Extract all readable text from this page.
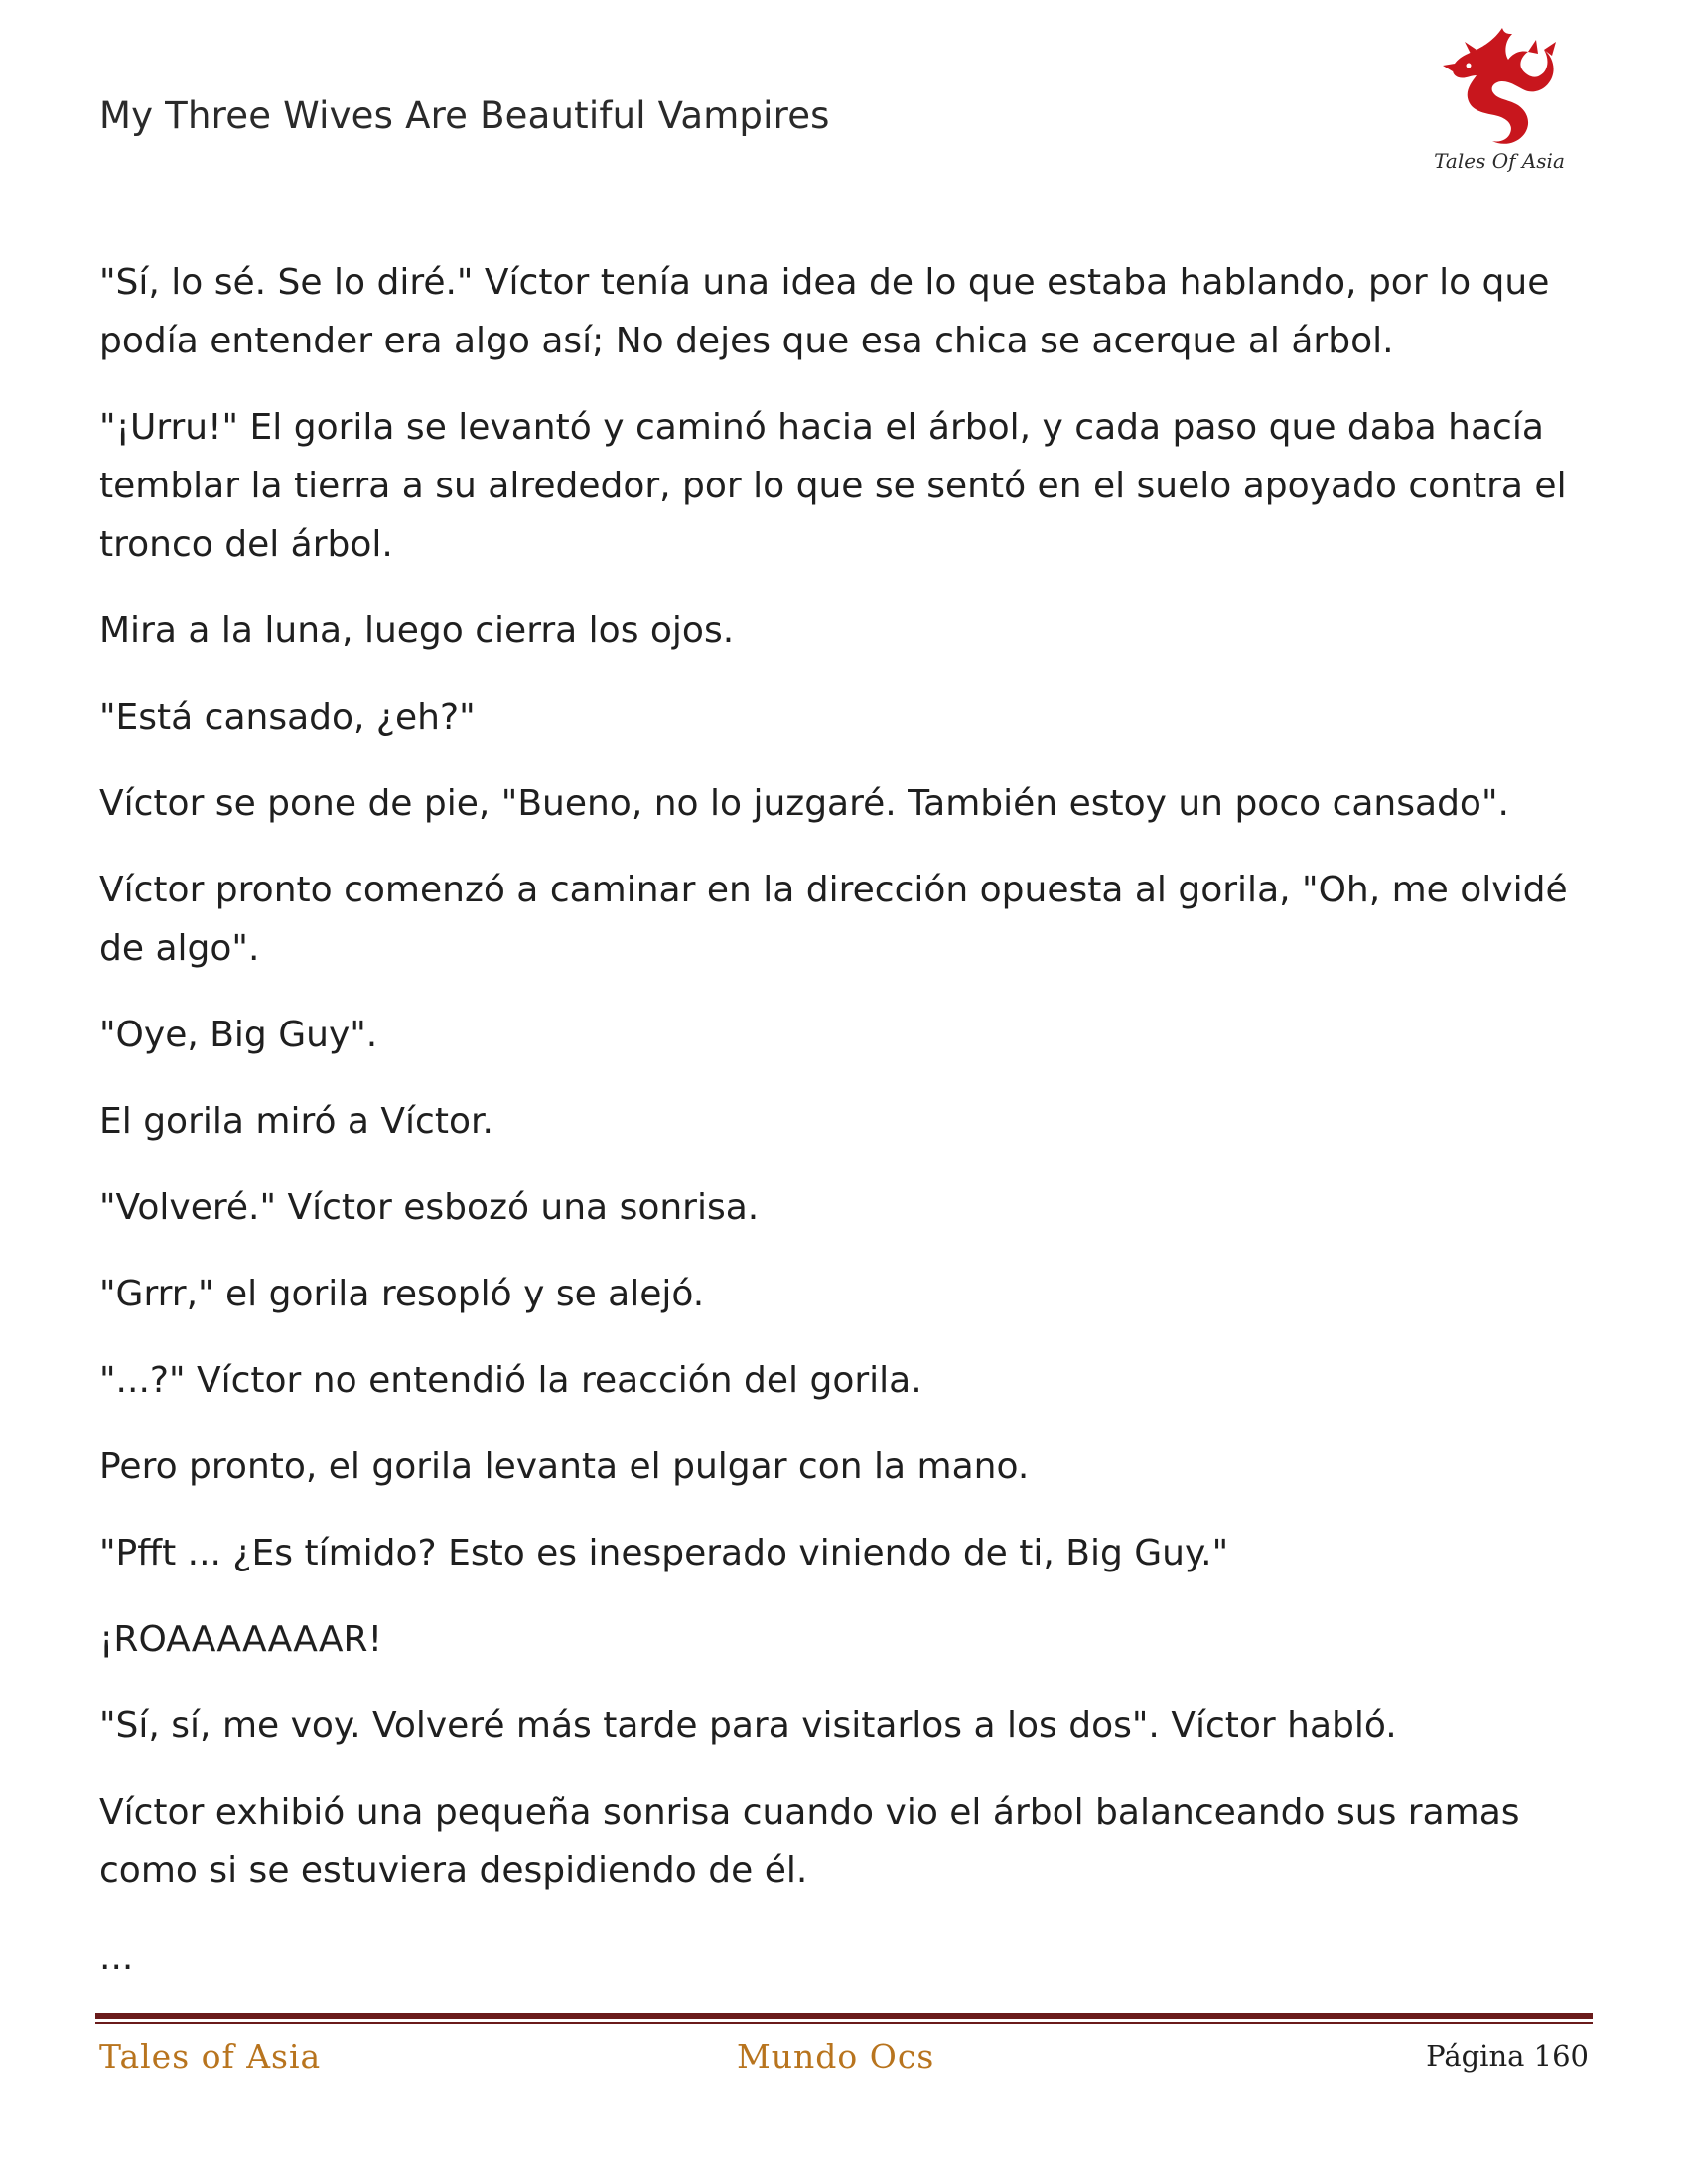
My Three Wives Are Beautiful Vampires
Tales Of Asia

"Sí, lo sé. Se lo diré." Víctor tenía una idea de lo que estaba hablando, por lo que podía entender era algo así; No dejes que esa chica se acerque al árbol.

"¡Urru!" El gorila se levantó y caminó hacia el árbol, y cada paso que daba hacía temblar la tierra a su alrededor, por lo que se sentó en el suelo apoyado contra el tronco del árbol.

Mira a la luna, luego cierra los ojos.

"Está cansado, ¿eh?"

Víctor se pone de pie, "Bueno, no lo juzgaré. También estoy un poco cansado".

Víctor pronto comenzó a caminar en la dirección opuesta al gorila, "Oh, me olvidé de algo".

"Oye, Big Guy".

El gorila miró a Víctor.

"Volveré." Víctor esbozó una sonrisa.

"Grrr," el gorila resopló y se alejó.

"...?" Víctor no entendió la reacción del gorila.

Pero pronto, el gorila levanta el pulgar con la mano.

"Pfft ... ¿Es tímido? Esto es inesperado viniendo de ti, Big Guy."

¡ROAAAAAAAR!

"Sí, sí, me voy. Volveré más tarde para visitarlos a los dos". Víctor habló.

Víctor exhibió una pequeña sonrisa cuando vio el árbol balanceando sus ramas como si se estuviera despidiendo de él.

...

Tales of Asia	Mundo Ocs	Página 160
